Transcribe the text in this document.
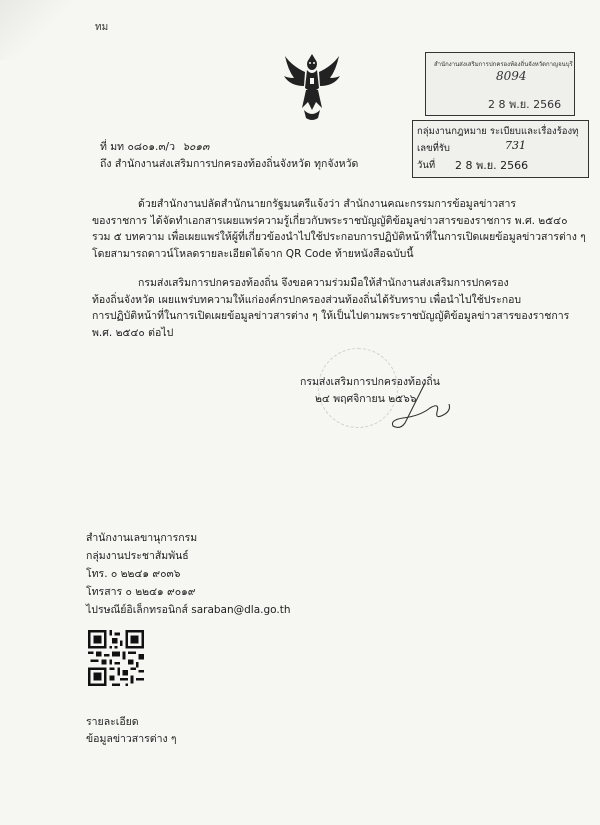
ทม
สำนักงานส่งเสริมการปกครองท้องถิ่นจังหวัดกาญจนบุรี
8094
2 8 พ.ย. 2566
กลุ่มงานกฎหมาย ระเบียบและเรื่องร้องทุ
เลขที่รับ	731
วันที่ 2 8 พ.ย. 2566
ที่ มท ๐๘๐๑.๓/ว ๖๐๑๓
ถึง สำนักงานส่งเสริมการปกครองท้องถิ่นจังหวัด ทุกจังหวัด
ด้วยสำนักงานปลัดสำนักนายกรัฐมนตรีแจ้งว่า สำนักงานคณะกรรมการข้อมูลข่าวสาร
ของราชการ ได้จัดทำเอกสารเผยแพร่ความรู้เกี่ยวกับพระราชบัญญัติข้อมูลข่าวสารของราชการ พ.ศ. ๒๕๔๐
รวม ๕ บทความ เพื่อเผยแพร่ให้ผู้ที่เกี่ยวข้องนำไปใช้ประกอบการปฏิบัติหน้าที่ในการเปิดเผยข้อมูลข่าวสารต่าง ๆ
โดยสามารถดาวน์โหลดรายละเอียดได้จาก QR Code ท้ายหนังสือฉบับนี้
กรมส่งเสริมการปกครองท้องถิ่น จึงขอความร่วมมือให้สำนักงานส่งเสริมการปกครอง
ท้องถิ่นจังหวัด เผยแพร่บทความให้แก่องค์กรปกครองส่วนท้องถิ่นได้รับทราบ เพื่อนำไปใช้ประกอบ
การปฏิบัติหน้าที่ในการเปิดเผยข้อมูลข่าวสารต่าง ๆ ให้เป็นไปตามพระราชบัญญัติข้อมูลข่าวสารของราชการ
พ.ศ. ๒๕๔๐ ต่อไป
กรมส่งเสริมการปกครองท้องถิ่น
๒๔ พฤศจิกายน ๒๕๖๖
สำนักงานเลขานุการกรม
กลุ่มงานประชาสัมพันธ์
โทร. ๐ ๒๒๔๑ ๙๐๓๖
โทรสาร ๐ ๒๒๔๑ ๙๐๑๙
ไปรษณีย์อิเล็กทรอนิกส์ saraban@dla.go.th
รายละเอียด
ข้อมูลข่าวสารต่าง ๆ
